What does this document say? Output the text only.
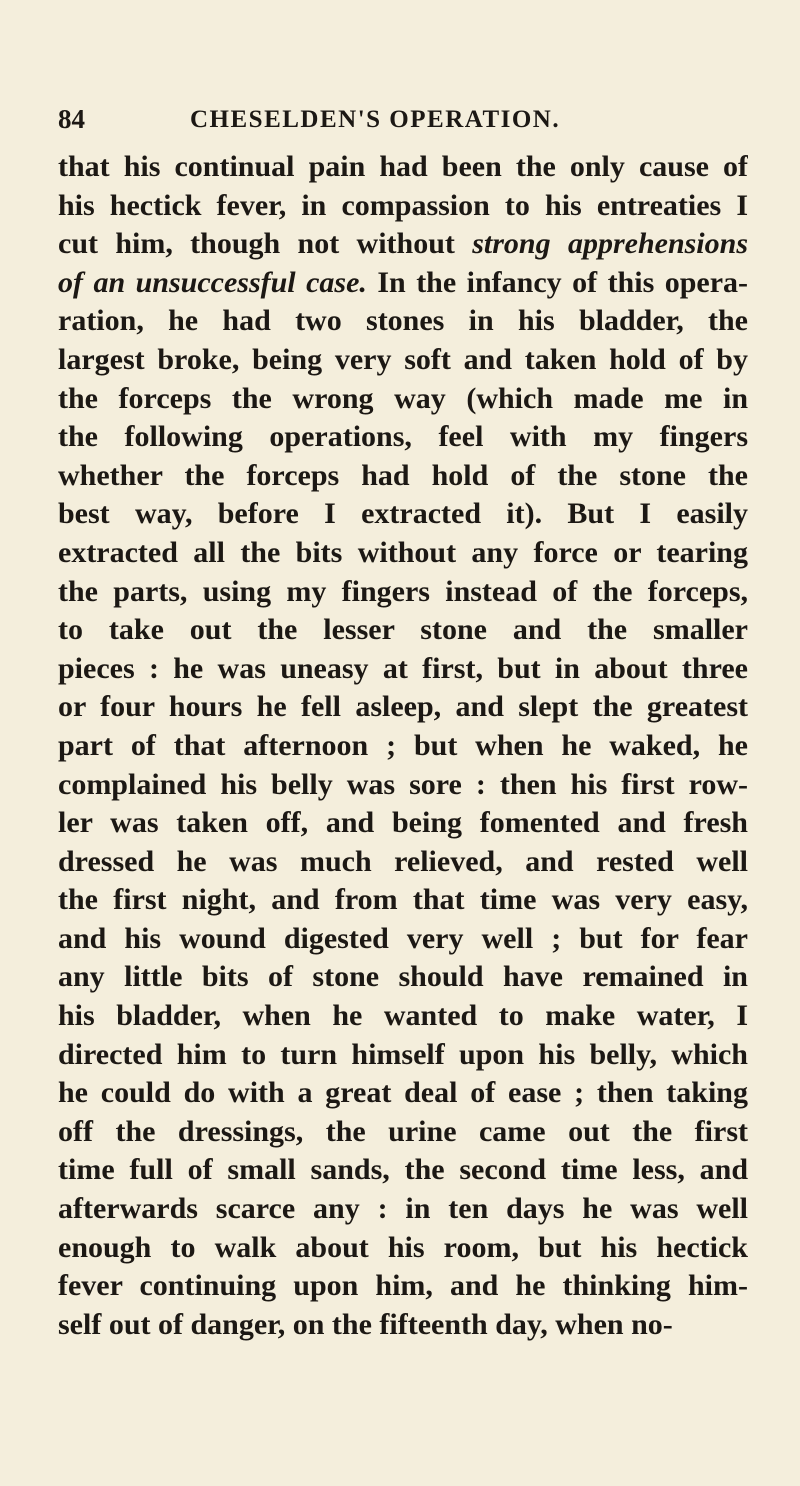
84	CHESELDEN'S OPERATION.
that his continual pain had been the only cause of
his hectick fever, in compassion to his entreaties I
cut him, though not without strong apprehensions
of an unsuccessful case. In the infancy of this opera-
ration, he had two stones in his bladder, the
largest broke, being very soft and taken hold of by
the forceps the wrong way (which made me in
the following operations, feel with my fingers
whether the forceps had hold of the stone the
best way, before I extracted it). But I easily
extracted all the bits without any force or tearing
the parts, using my fingers instead of the forceps,
to take out the lesser stone and the smaller
pieces : he was uneasy at first, but in about three
or four hours he fell asleep, and slept the greatest
part of that afternoon ; but when he waked, he
complained his belly was sore : then his first row-
ler was taken off, and being fomented and fresh
dressed he was much relieved, and rested well
the first night, and from that time was very easy,
and his wound digested very well ; but for fear
any little bits of stone should have remained in
his bladder, when he wanted to make water, I
directed him to turn himself upon his belly, which
he could do with a great deal of ease ; then taking
off the dressings, the urine came out the first
time full of small sands, the second time less, and
afterwards scarce any : in ten days he was well
enough to walk about his room, but his hectick
fever continuing upon him, and he thinking him-
self out of danger, on the fifteenth day, when no-
